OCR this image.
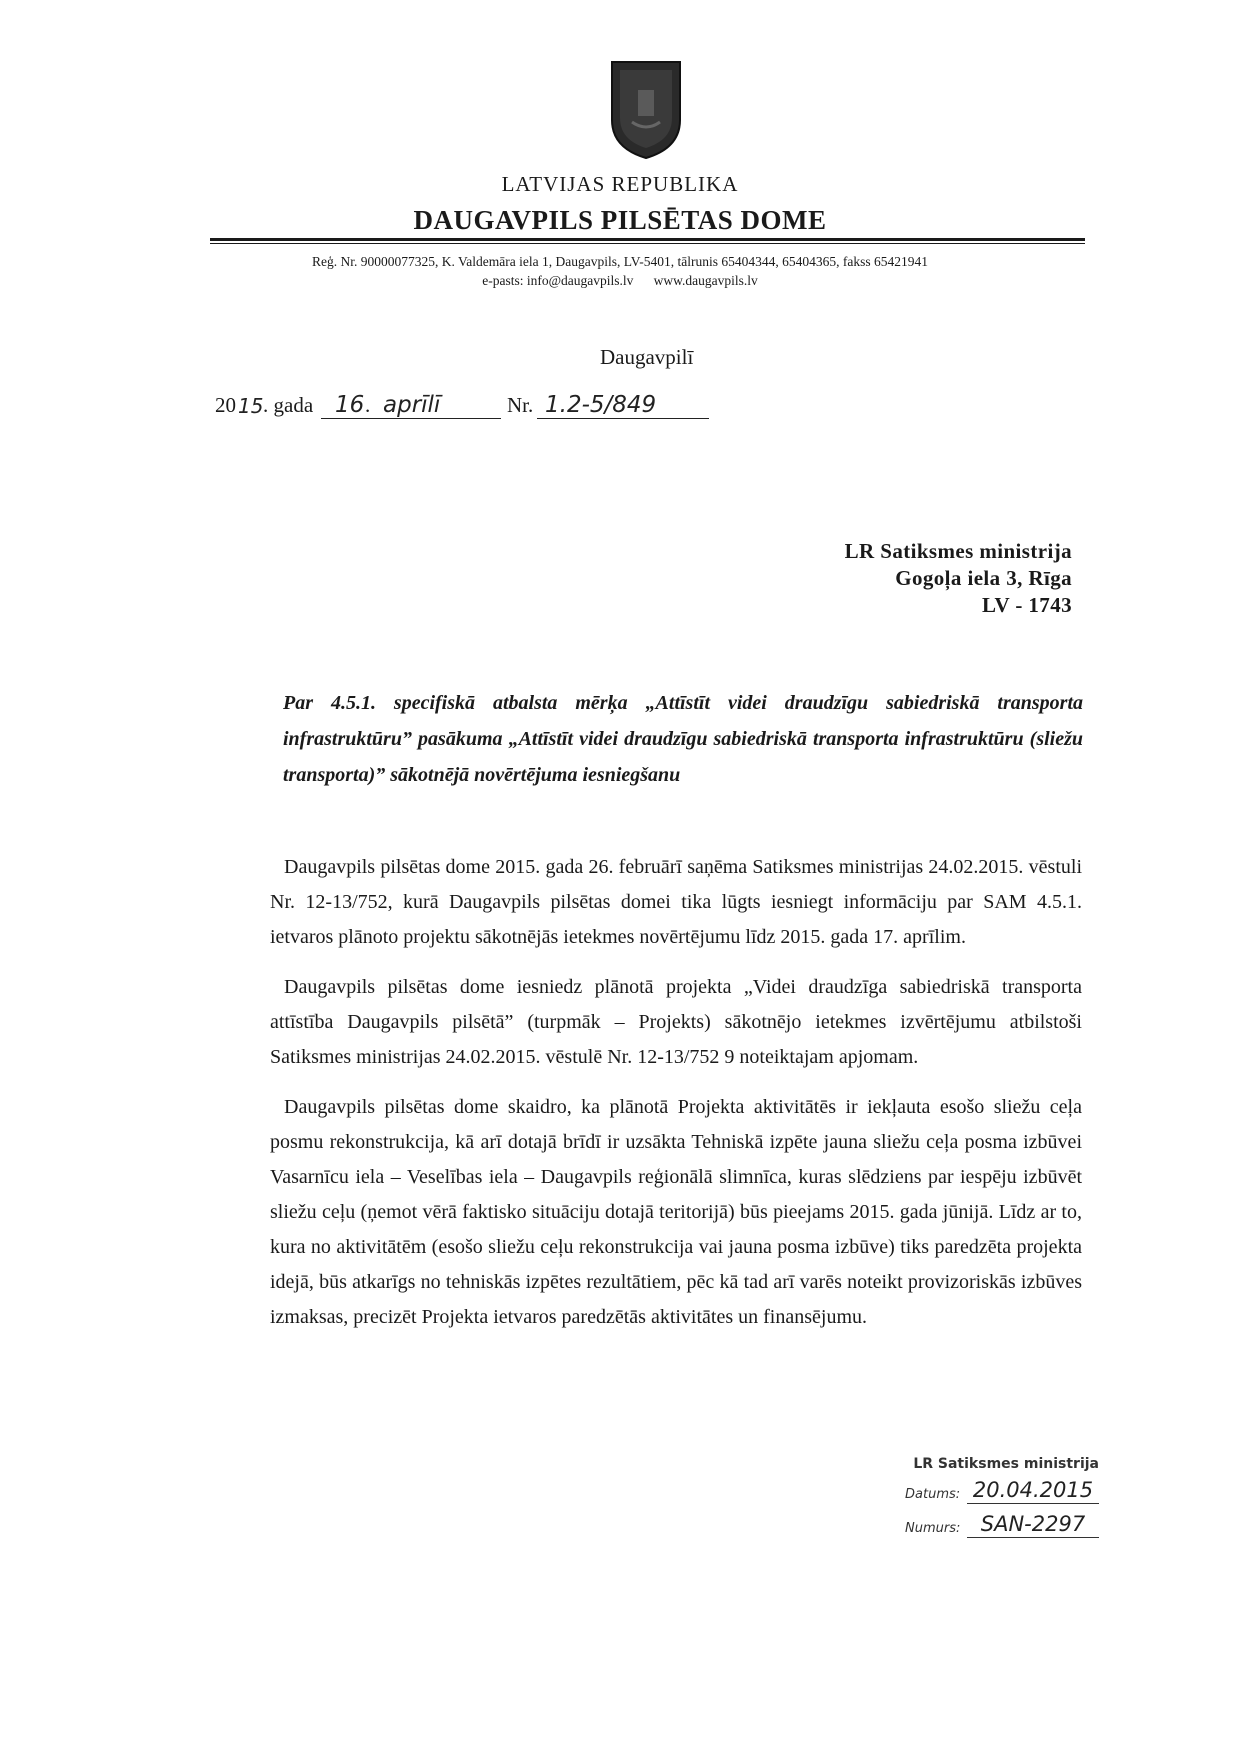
LATVIJAS REPUBLIKA
DAUGAVPILS PILSĒTAS DOME
Reģ. Nr. 90000077325, K. Valdemāra iela 1, Daugavpils, LV-5401, tālrunis 65404344, 65404365, fakss 65421941
e-pasts: info@daugavpils.lv www.daugavpils.lv
Daugavpilī
20 15 . gada 16 . aprīlī	Nr. 1.2-5/849
LR Satiksmes ministrija
Gogoļa iela 3, Rīga
LV - 1743
Par 4.5.1. specifiskā atbalsta mērķa „Attīstīt videi draudzīgu sabiedriskā transporta infrastruktūru” pasākuma „Attīstīt videi draudzīgu sabiedriskā transporta infrastruktūru (sliežu transporta)” sākotnējā novērtējuma iesniegšanu

Daugavpils pilsētas dome 2015. gada 26. februārī saņēma Satiksmes ministrijas 24.02.2015. vēstuli Nr. 12-13/752, kurā Daugavpils pilsētas domei tika lūgts iesniegt informāciju par SAM 4.5.1. ietvaros plānoto projektu sākotnējās ietekmes novērtējumu līdz 2015. gada 17. aprīlim.

Daugavpils pilsētas dome iesniedz plānotā projekta „Videi draudzīga sabiedriskā transporta attīstība Daugavpils pilsētā” (turpmāk – Projekts) sākotnējo ietekmes izvērtējumu atbilstoši Satiksmes ministrijas 24.02.2015. vēstulē Nr. 12-13/752 9 noteiktajam apjomam.

Daugavpils pilsētas dome skaidro, ka plānotā Projekta aktivitātēs ir iekļauta esošo sliežu ceļa posmu rekonstrukcija, kā arī dotajā brīdī ir uzsākta Tehniskā izpēte jauna sliežu ceļa posma izbūvei Vasarnīcu iela – Veselības iela – Daugavpils reģionālā slimnīca, kuras slēdziens par iespēju izbūvēt sliežu ceļu (ņemot vērā faktisko situāciju dotajā teritorijā) būs pieejams 2015. gada jūnijā. Līdz ar to, kura no aktivitātēm (esošo sliežu ceļu rekonstrukcija vai jauna posma izbūve) tiks paredzēta projekta idejā, būs atkarīgs no tehniskās izpētes rezultātiem, pēc kā tad arī varēs noteikt provizoriskās izbūves izmaksas, precizēt Projekta ietvaros paredzētās aktivitātes un finansējumu.

LR Satiksmes ministrija
Datums: 20.04.2015
Numurs: SAN-2297
